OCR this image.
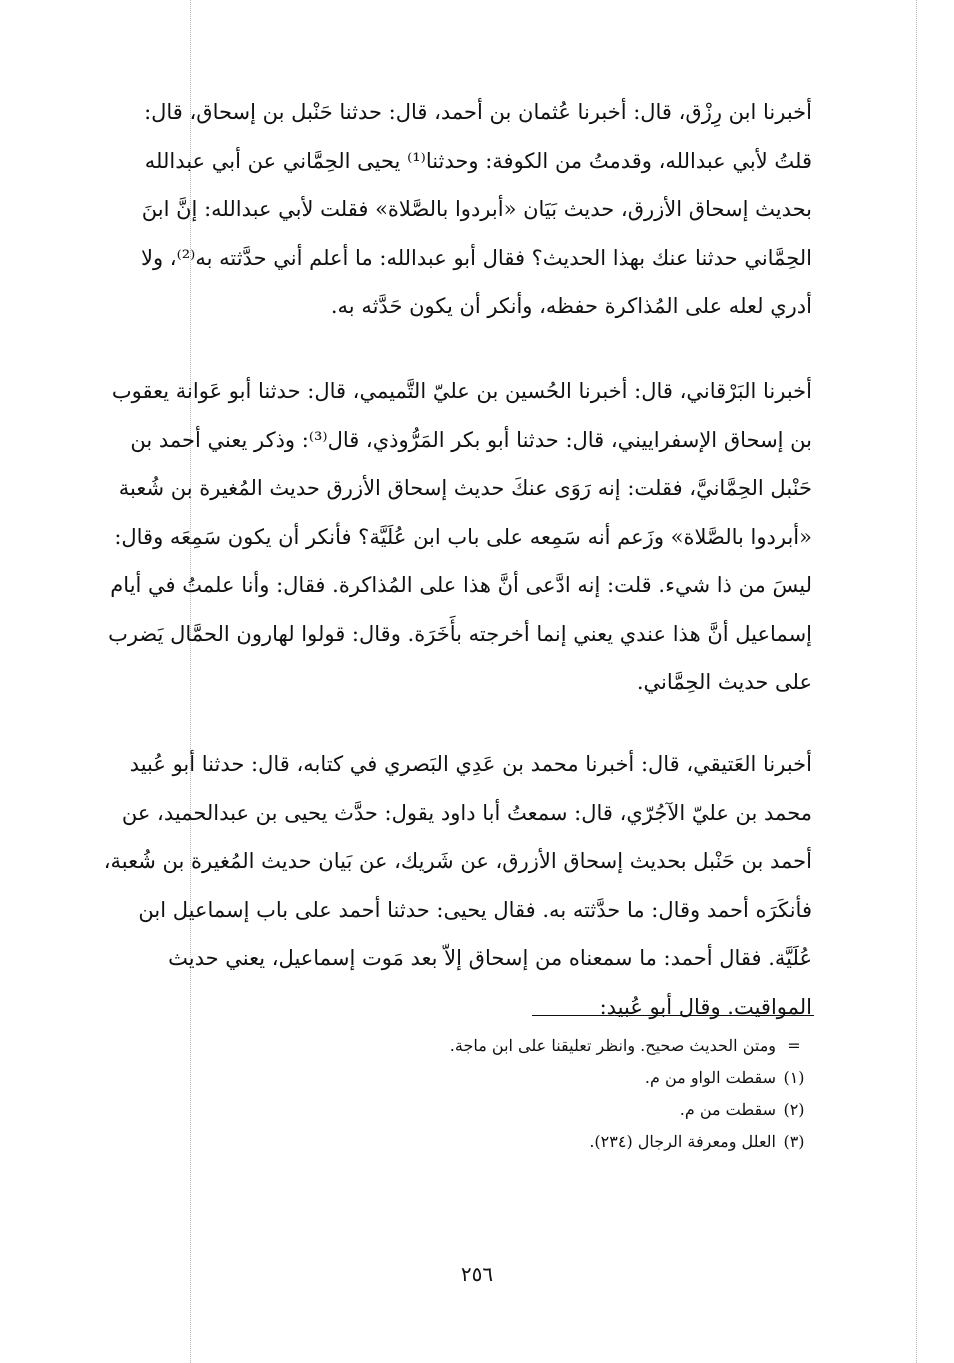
أخبرنا ابن رِزْق، قال: أخبرنا عُثمان بن أحمد، قال: حدثنا حَنْبل بن إسحاق، قال: قلتُ لأبي عبدالله، وقدمتُ من الكوفة: وحدثنا⁽¹⁾ يحيى الحِمَّاني عن أبي عبدالله بحديث إسحاق الأزرق، حديث بَيَان «أبردوا بالصَّلاة» فقلت لأبي عبدالله: إنَّ ابنَ الحِمَّاني حدثنا عنك بهذا الحديث؟ فقال أبو عبدالله: ما أعلم أني حدَّثته به⁽²⁾، ولا أدري لعله على المُذاكرة حفظه، وأنكر أن يكون حَدَّثه به.

أخبرنا البَرْقاني، قال: أخبرنا الحُسين بن عليّ التَّميمي، قال: حدثنا أبو عَوانة يعقوب بن إسحاق الإسفراييني، قال: حدثنا أبو بكر المَرُّوذي، قال⁽³⁾: وذكر يعني أحمد بن حَنْبل الحِمَّانيَّ، فقلت: إنه رَوَى عنكَ حديث إسحاق الأزرق حديث المُغيرة بن شُعبة «أبردوا بالصَّلاة» وزَعم أنه سَمِعه على باب ابن عُلَيَّة؟ فأنكر أن يكون سَمِعَه وقال: ليسَ من ذا شيء. قلت: إنه ادَّعى أنَّ هذا على المُذاكرة. فقال: وأنا علمتُ في أيام إسماعيل أنَّ هذا عندي يعني إنما أخرجته بأَخَرَة. وقال: قولوا لهارون الحمَّال يَضرب على حديث الحِمَّاني.

أخبرنا العَتيقي، قال: أخبرنا محمد بن عَدِي البَصري في كتابه، قال: حدثنا أبو عُبيد محمد بن عليّ الآجُرّي، قال: سمعتُ أبا داود يقول: حدَّث يحيى بن عبدالحميد، عن أحمد بن حَنْبل بحديث إسحاق الأزرق، عن شَريك، عن بَيان حديث المُغيرة بن شُعبة، فأنكَرَه أحمد وقال: ما حدَّثته به. فقال يحيى: حدثنا أحمد على باب إسماعيل ابن عُلَيَّة. فقال أحمد: ما سمعناه من إسحاق إلاّ بعد مَوت إسماعيل، يعني حديث المواقيت. وقال أبو عُبيد:

=
ومتن الحديث صحيح. وانظر تعليقنا على ابن ماجة.
(١)
سقطت الواو من م.
(٢)
سقطت من م.
(٣)
العلل ومعرفة الرجال (٢٣٤).
٢٥٦
